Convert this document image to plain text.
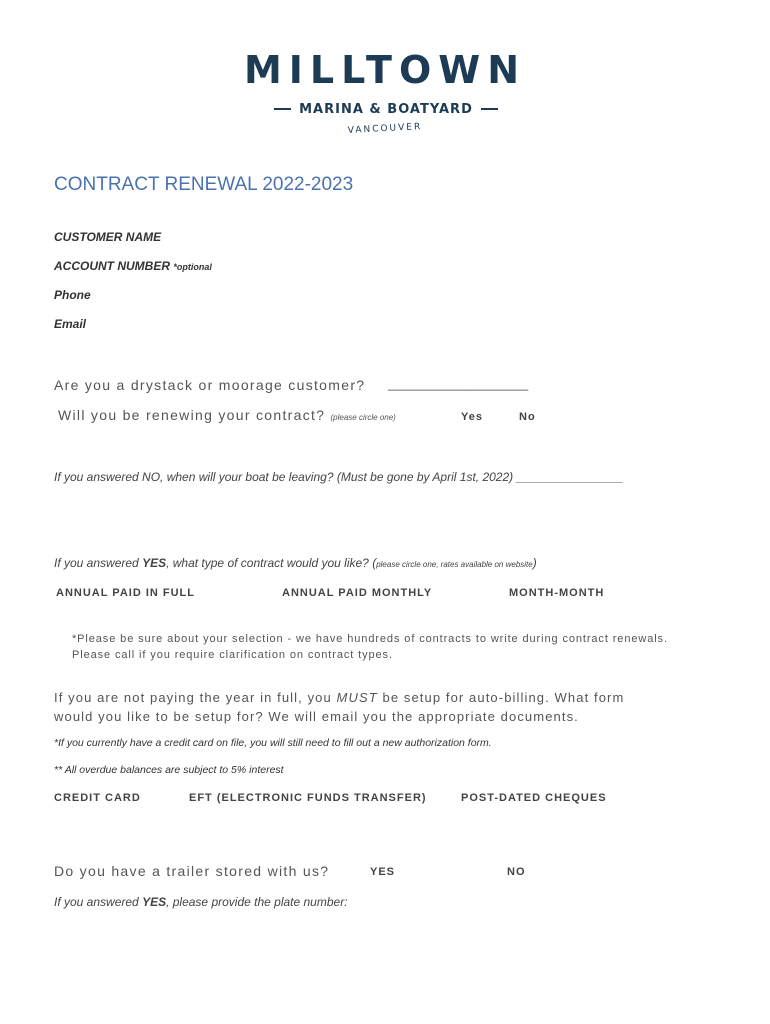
MILLTOWN
MARINA & BOATYARD
VANCOUVER
CONTRACT RENEWAL 2022-2023
CUSTOMER NAME
ACCOUNT NUMBER *optional
Phone
Email
Are you a drystack or moorage customer? _____________________
Will you be renewing your contract? (please circle one)	Yes	No
If you answered NO, when will your boat be leaving? (Must be gone by April 1st, 2022) ________________
If you answered YES, what type of contract would you like? (please circle one, rates available on website)
ANNUAL PAID IN FULL	ANNUAL PAID MONTHLY	MONTH-MONTH
*Please be sure about your selection - we have hundreds of contracts to write during contract renewals. Please call if you require clarification on contract types.
If you are not paying the year in full, you MUST be setup for auto-billing. What form would you like to be setup for? We will email you the appropriate documents.
*If you currently have a credit card on file, you will still need to fill out a new authorization form.
** All overdue balances are subject to 5% interest
CREDIT CARD	EFT (ELECTRONIC FUNDS TRANSFER)	POST-DATED CHEQUES
Do you have a trailer stored with us?	YES	NO
If you answered YES, please provide the plate number:
